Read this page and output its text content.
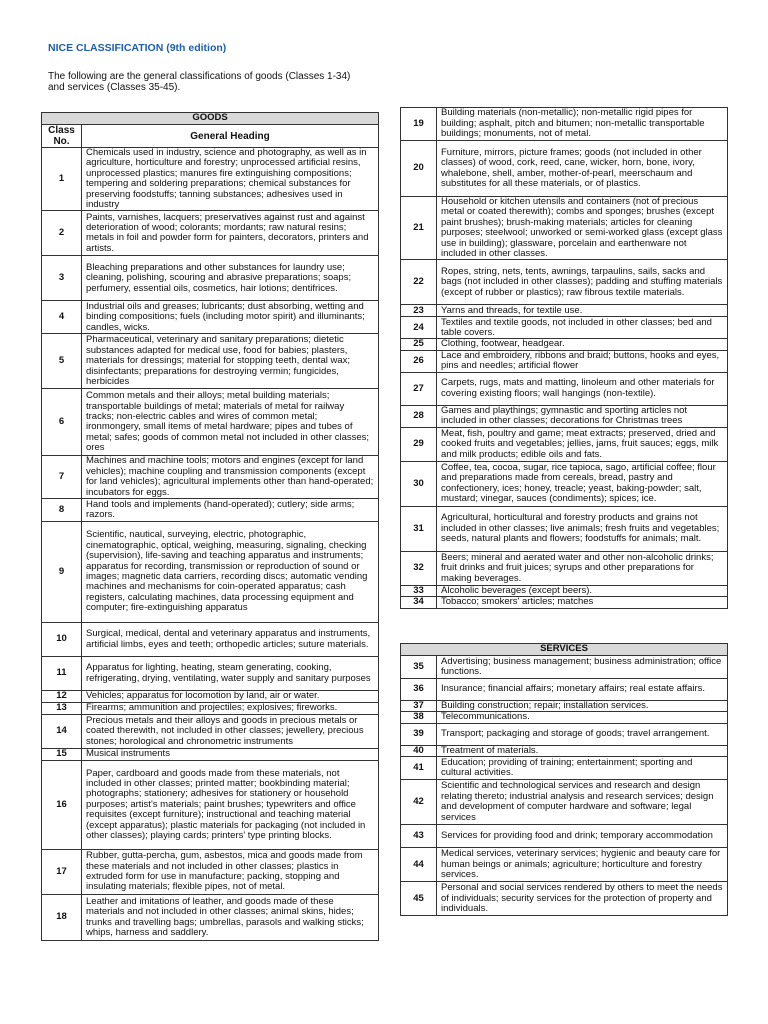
NICE CLASSIFICATION (9th edition)
The following are the general classifications of goods (Classes 1-34)
and services (Classes 35-45).
GOODS	
Class No.	General Heading
1	Chemicals used in industry, science and photography, as well as in agriculture, horticulture and forestry; unprocessed artificial resins, unprocessed plastics; manures fire extinguishing compositions; tempering and soldering preparations; chemical substances for preserving foodstuffs; tanning substances; adhesives used in industry
2	Paints, varnishes, lacquers; preservatives against rust and against deterioration of wood; colorants; mordants; raw natural resins; metals in foil and powder form for painters, decorators, printers and artists.
3	Bleaching preparations and other substances for laundry use; cleaning, polishing, scouring and abrasive preparations; soaps; perfumery, essential oils, cosmetics, hair lotions; dentifrices.
4	Industrial oils and greases; lubricants; dust absorbing, wetting and binding compositions; fuels (including motor spirit) and illuminants; candles, wicks.
5	Pharmaceutical, veterinary and sanitary preparations; dietetic substances adapted for medical use, food for babies; plasters, materials for dressings; material for stopping teeth, dental wax; disinfectants; preparations for destroying vermin; fungicides, herbicides
6	Common metals and their alloys; metal building materials; transportable buildings of metal; materials of metal for railway tracks; non-electric cables and wires of common metal; ironmongery, small items of metal hardware; pipes and tubes of metal; safes; goods of common metal not included in other classes; ores
7	Machines and machine tools; motors and engines (except for land vehicles); machine coupling and transmission components (except for land vehicles); agricultural implements other than hand-operated; incubators for eggs.
8	Hand tools and implements (hand-operated); cutlery; side arms; razors.
9	Scientific, nautical, surveying, electric, photographic, cinematographic, optical, weighing, measuring, signaling, checking (supervision), life-saving and teaching apparatus and instruments; apparatus for recording, transmission or reproduction of sound or images; magnetic data carriers, recording discs; automatic vending machines and mechanisms for coin-operated apparatus; cash registers, calculating machines, data processing equipment and computer; fire-extinguishing apparatus
10	Surgical, medical, dental and veterinary apparatus and instruments, artificial limbs, eyes and teeth; orthopedic articles; suture materials.
11	Apparatus for lighting, heating, steam generating, cooking, refrigerating, drying, ventilating, water supply and sanitary purposes
12	Vehicles; apparatus for locomotion by land, air or water.
13	Firearms; ammunition and projectiles; explosives; fireworks.
14	Precious metals and their alloys and goods in precious metals or coated therewith, not included in other classes; jewellery, precious stones; horological and chronometric instruments
15	Musical instruments
16	Paper, cardboard and goods made from these materials, not included in other classes; printed matter; bookbinding material; photographs; stationery; adhesives for stationery or household purposes; artist's materials; paint brushes; typewriters and office requisites (except furniture); instructional and teaching material (except apparatus); plastic materials for packaging (not included in other classes); playing cards; printers' type printing blocks.
17	Rubber, gutta-percha, gum, asbestos, mica and goods made from these materials and not included in other classes; plastics in extruded form for use in manufacture; packing, stopping and insulating materials; flexible pipes, not of metal.
18	Leather and imitations of leather, and goods made of these materials and not included in other classes; animal skins, hides; trunks and travelling bags; umbrellas, parasols and walking sticks; whips, harness and saddlery.
19	Building materials (non-metallic); non-metallic rigid pipes for building; asphalt, pitch and bitumen; non-metallic transportable buildings; monuments, not of metal.
20	Furniture, mirrors, picture frames; goods (not included in other classes) of wood, cork, reed, cane, wicker, horn, bone, ivory, whalebone, shell, amber, mother-of-pearl, meerschaum and substitutes for all these materials, or of plastics.
21	Household or kitchen utensils and containers (not of precious metal or coated therewith); combs and sponges; brushes (except paint brushes); brush-making materials; articles for cleaning purposes; steelwool; unworked or semi-worked glass (except glass use in building); glassware, porcelain and earthenware not included in other classes.
22	Ropes, string, nets, tents, awnings, tarpaulins, sails, sacks and bags (not included in other classes); padding and stuffing materials (except of rubber or plastics); raw fibrous textile materials.
23	Yarns and threads, for textile use.
24	Textiles and textile goods, not included in other classes; bed and table covers.
25	Clothing, footwear, headgear.
26	Lace and embroidery, ribbons and braid; buttons, hooks and eyes, pins and needles; artificial flower
27	Carpets, rugs, mats and matting, linoleum and other materials for covering existing floors; wall hangings (non-textile).
28	Games and playthings; gymnastic and sporting articles not included in other classes; decorations for Christmas trees
29	Meat, fish, poultry and game; meat extracts; preserved, dried and cooked fruits and vegetables; jellies, jams, fruit sauces; eggs, milk and milk products; edible oils and fats.
30	Coffee, tea, cocoa, sugar, rice tapioca, sago, artificial coffee; flour and preparations made from cereals, bread, pastry and confectionery, ices; honey, treacle; yeast, baking-powder; salt, mustard; vinegar, sauces (condiments); spices; ice.
31	Agricultural, horticultural and forestry products and grains not included in other classes; live animals; fresh fruits and vegetables; seeds, natural plants and flowers; foodstuffs for animals; malt.
32	Beers; mineral and aerated water and other non-alcoholic drinks; fruit drinks and fruit juices; syrups and other preparations for making beverages.
33	Alcoholic beverages (except beers).
34	Tobacco; smokers' articles; matches
SERVICES	
35	Advertising; business management; business administration; office functions.
36	Insurance; financial affairs; monetary affairs; real estate affairs.
37	Building construction; repair; installation services.
38	Telecommunications.
39	Transport; packaging and storage of goods; travel arrangement.
40	Treatment of materials.
41	Education; providing of training; entertainment; sporting and cultural activities.
42	Scientific and technological services and research and design relating thereto; industrial analysis and research services; design and development of computer hardware and software; legal services
43	Services for providing food and drink; temporary accommodation
44	Medical services, veterinary services; hygienic and beauty care for human beings or animals; agriculture; horticulture and forestry services.
45	Personal and social services rendered by others to meet the needs of individuals; security services for the protection of property and individuals.
